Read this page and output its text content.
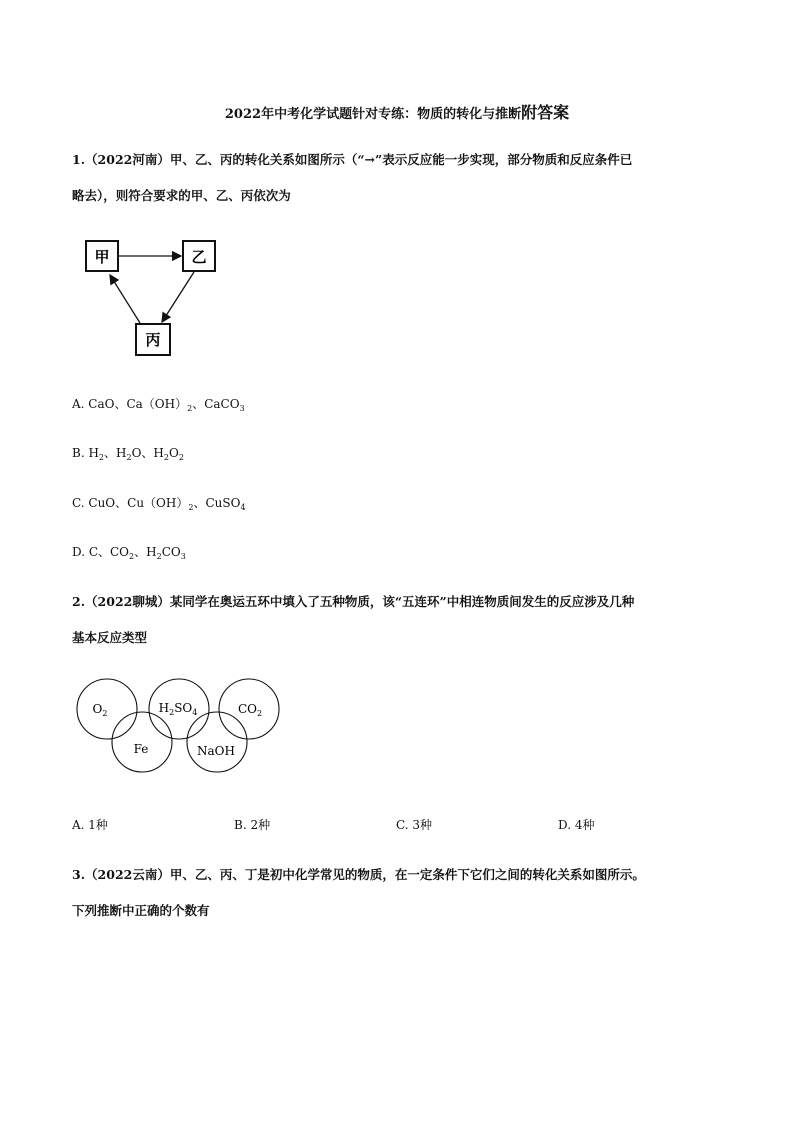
2022年中考化学试题针对专练：物质的转化与推断附答案
1.（2022河南）甲、乙、丙的转化关系如图所示（“→”表示反应能一步实现，部分物质和反应条件已
略去），则符合要求的甲、乙、丙依次为
甲	乙
丙
A. CaO、$Ca(OH)_2$、CaCO$_3$
B. $H_2$、$H_2O$、$H_2O_2$
C. CuO、$Cu(OH)_2$、CuSO$_4$
D. C、$CO_2$、$H_2CO_3$
2.（2022聊城）某同学在奥运五环中填入了五种物质，该“五连环”中相连物质间发生的反应涉及几种
基本反应类型
$O_2$	$H_2SO_4$	$CO_2$
Fe	NaOH
A. 1种	B. 2种	C. 3种	D. 4种
3.（2022云南）甲、乙、丙、丁是初中化学常见的物质，在一定条件下它们之间的转化关系如图所示。
下列推断中正确的个数有
